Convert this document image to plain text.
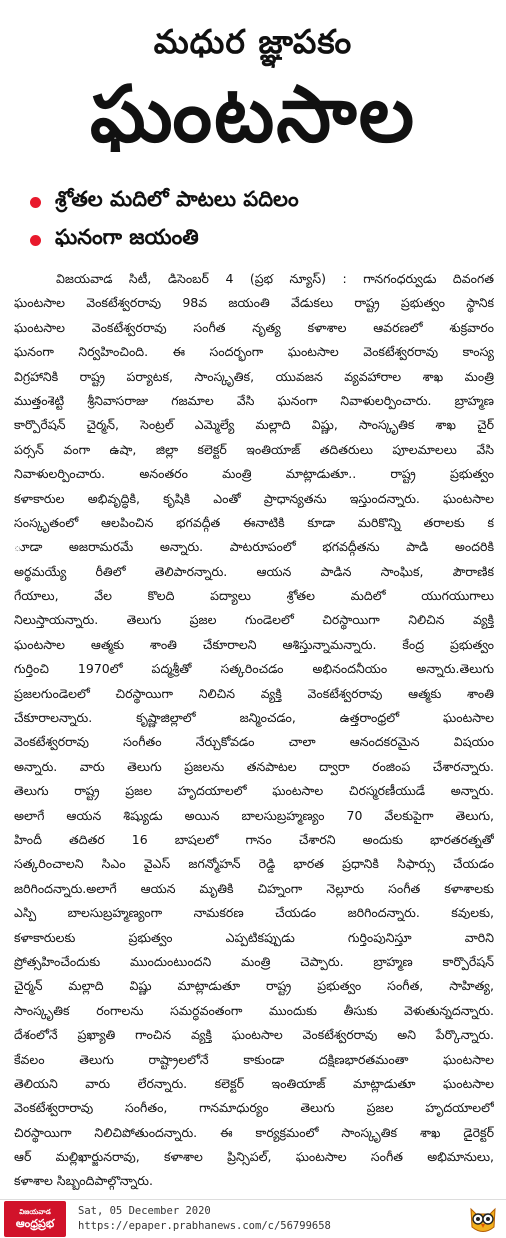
మధుర జ్ఞాపకం
ఘంటసాల
శ్రోతల మదిలో పాటలు పదిలం
ఘనంగా జయంతి
విజయవాడ సిటీ, డిసెంబర్ 4 (ప్రభ న్యూస్) : గానగంధర్వుడు దివంగత
ఘంటసాల వెంకటేశ్వరరావు 98వ జయంతి వేడుకలు రాష్ట్ర ప్రభుత్వం స్థానిక
ఘంటసాల వెంకటేశ్వరరావు సంగీత నృత్య కళాశాల ఆవరణలో శుక్రవారం
ఘనంగా నిర్వహించింది. ఈ సందర్భంగా ఘంటసాల వెంకటేశ్వరరావు కాంస్య
విగ్రహానికి రాష్ట్ర పర్యాటక, సాంస్కృతిక, యువజన వ్యవహారాల శాఖ మంత్రి
ముత్తంశెట్టి శ్రీనివాసరాజు గజమాల వేసి ఘనంగా నివాళులర్పించారు. బ్రాహ్మణ
కార్పొరేషన్ చైర్మన్, సెంట్రల్ ఎమ్మెల్యే మల్లాది విష్ణు, సాంస్కృతిక శాఖ చైర్
పర్సన్ వంగా ఉషా, జిల్లా కలెక్టర్ ఇంతియాజ్ తదితరులు పూలమాలలు వేసి
నివాళులర్పించారు. అనంతరం మంత్రి మాట్లాడుతూ.. రాష్ట్ర ప్రభుత్వం
కళాకారుల అభివృద్ధికి, కృషికి ఎంతో ప్రాధాన్యతను ఇస్తుందన్నారు. ఘంటసాల
సంస్కృతంలో ఆలపించిన భగవద్గీత ఈనాటికి కూడా మరికొన్ని తరాలకు క
ూడా అజరామరమే అన్నారు. పాటరూపంలో భగవద్గీతను పాడి అందరికి
అర్థమయ్యే రీతిలో తెలిపారన్నారు. ఆయన పాడిన సాంఘిక, పౌరాణిక
గేయాలు, వేల కొలది పద్యాలు శ్రోతల మదిలో యుగయుగాలు
నిలుస్తాయన్నారు. తెలుగు ప్రజల గుండెలలో చిరస్థాయిగా నిలిచిన వ్యక్తి
ఘంటసాల ఆత్మకు శాంతి చేకూరాలని ఆశిస్తున్నామన్నారు. కేంద్ర ప్రభుత్వం
గుర్తించి 1970లో పద్మశ్రీతో సత్కరించడం అభినందనీయం అన్నారు.తెలుగు
ప్రజలగుండెలలో చిరస్థాయిగా నిలిచిన వ్యక్తి వెంకటేశ్వరరావు ఆత్మకు శాంతి
చేకూరాలన్నారు. కృష్ణాజిల్లాలో జన్మించడం, ఉత్తరాంధ్రలో ఘంటసాల
వెంకటేశ్వరరావు సంగీతం నేర్చుకోవడం చాలా ఆనందకరమైన విషయం
అన్నారు. వారు తెలుగు ప్రజలను తనపాటల ద్వారా రంజింప చేశారన్నారు.
తెలుగు రాష్ట్ర ప్రజల హృదయాలలో ఘంటసాల చిరస్మరణీయుడే అన్నారు.
అలాగే ఆయన శిష్యుడు అయిన బాలసుబ్రహ్మణ్యం 70 వేలకుపైగా తెలుగు,
హిందీ తదితర 16 బాషలలో గానం చేశారని అందుకు భారతరత్నతో
సత్కరించాలని సిఎం వైఎస్ జగన్మోహన్ రెడ్డి భారత ప్రధానికి సిఫార్సు చేయడం
జరిగిందన్నారు.అలాగే ఆయన మృతికి చిహ్నంగా నెల్లూరు సంగీత కళాశాలకు
ఎస్పి బాలసుబ్రహ్మణ్యంగా నామకరణ చేయడం జరిగిందన్నారు. కవులకు,
కళాకారులకు ప్రభుత్వం ఎప్పటికప్పుడు గుర్తింపునిస్తూ వారిని
ప్రోత్సహించేందుకు ముందుంటుందని మంత్రి చెప్పారు. బ్రాహ్మణ కార్పొరేషన్
చైర్మన్ మల్లాది విష్ణు మాట్లాడుతూ రాష్ట్ర ప్రభుత్వం సంగీత, సాహిత్య,
సాంస్కృతిక రంగాలను సమర్ధవంతంగా ముందుకు తీసుకు వెళుతున్నదన్నారు.
దేశంలోనే ప్రఖ్యాతి గాంచిన వ్యక్తి ఘంటసాల వెంకటేశ్వరరావు అని పేర్కొన్నారు.
కేవలం తెలుగు రాష్ట్రాలలోనే కాకుండా దక్షిణభారతమంతా ఘంటసాల
తెలియని వారు లేరన్నారు. కలెక్టర్ ఇంతియాజ్ మాట్లాడుతూ ఘంటసాల
వెంకటేశ్వరారావు సంగీతం, గానమాధుర్యం తెలుగు ప్రజల హృదయాలలో
చిరస్థాయిగా నిలిచిపోతుందన్నారు. ఈ కార్యక్రమంలో సాంస్కృతిక శాఖ డైరెక్టర్
ఆర్ మల్లిఖార్జునరావు, కళాశాల ప్రిన్సిపల్, ఘంటసాల సంగీత అభిమానులు,
కళాశాల సిబ్బందిపాల్గొన్నారు.
విజయవాడ
ఆంధ్రప్రభ
Sat, 05 December 2020
https://epaper.prabhanews.com/c/56799658
